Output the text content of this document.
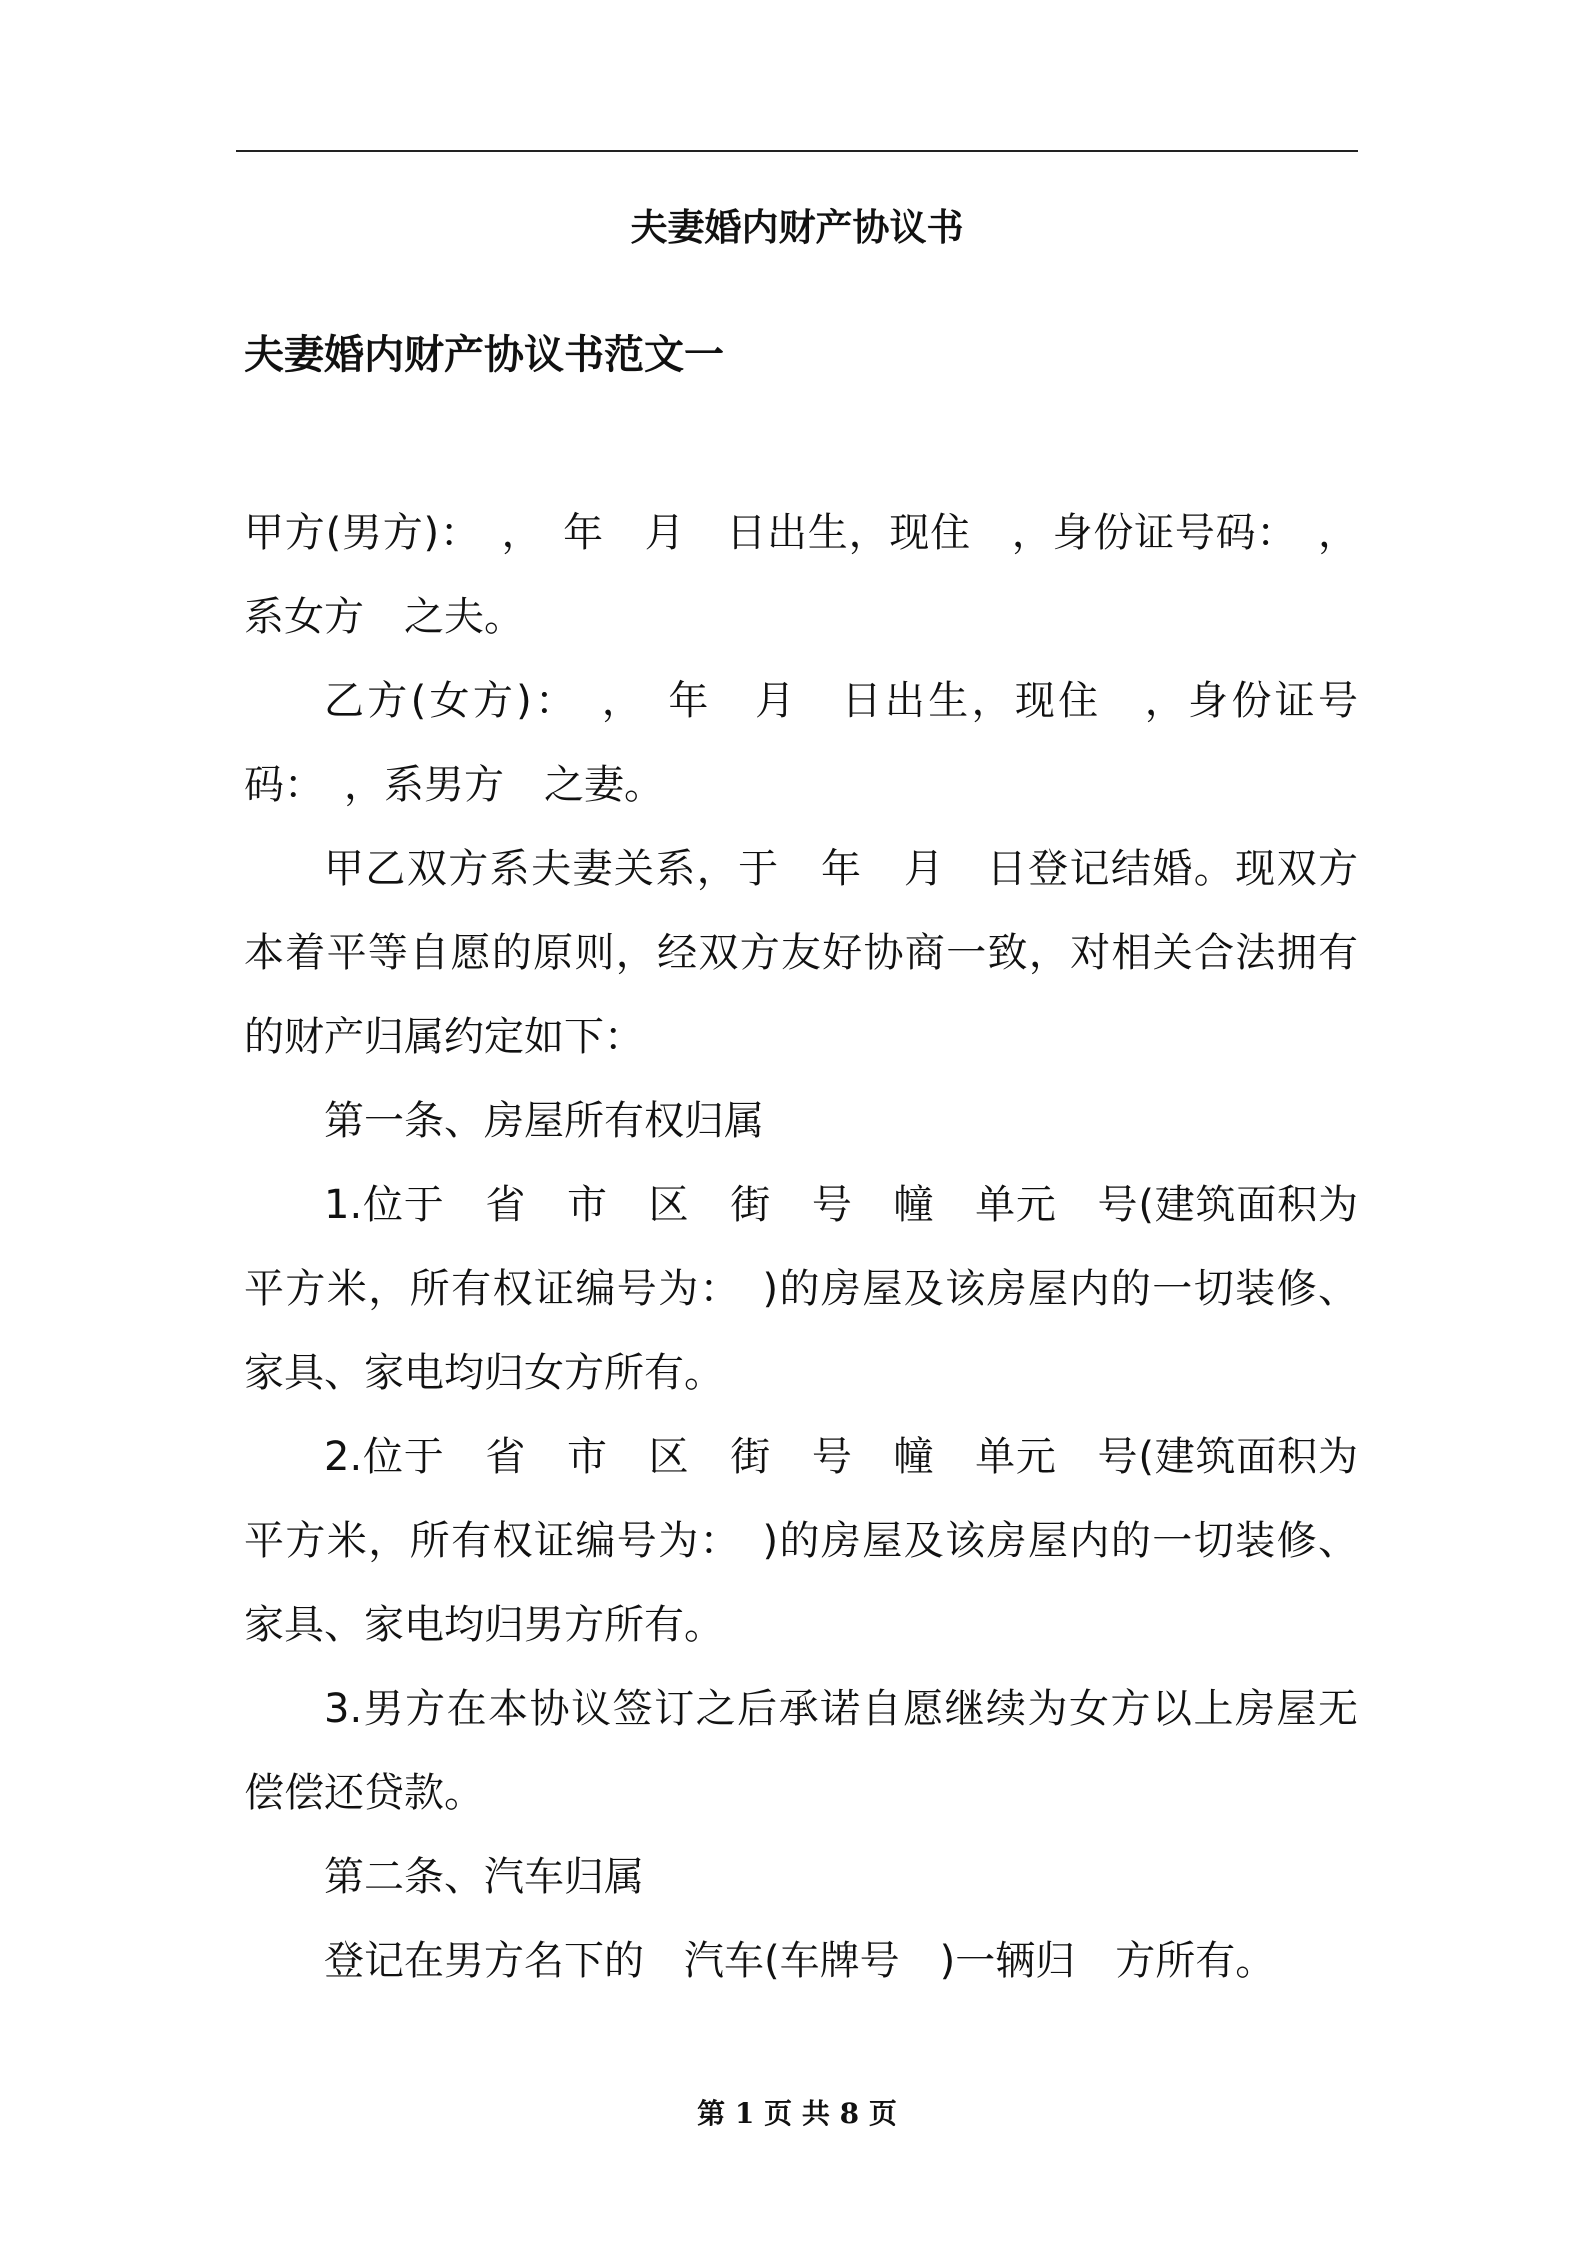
夫妻婚内财产协议书
夫妻婚内财产协议书范文一

甲方(男方)：　，　年　月　日出生，现住　，身份证号码：　，系女方　之夫。

乙方(女方)：　，　年　月　日出生，现住　，身份证号码：　，系男方　之妻。

甲乙双方系夫妻关系，于　年　月　日登记结婚。现双方本着平等自愿的原则，经双方友好协商一致，对相关合法拥有的财产归属约定如下：

第一条、房屋所有权归属

1.位于　省　市　区　街　号　幢　单元　号(建筑面积为　平方米，所有权证编号为：　)的房屋及该房屋内的一切装修、家具、家电均归女方所有。

2.位于　省　市　区　街　号　幢　单元　号(建筑面积为　平方米，所有权证编号为：　)的房屋及该房屋内的一切装修、家具、家电均归男方所有。

3.男方在本协议签订之后承诺自愿继续为女方以上房屋无偿偿还贷款。

第二条、汽车归属

登记在男方名下的　汽车(车牌号　)一辆归　方所有。

第 1 页 共 8 页
